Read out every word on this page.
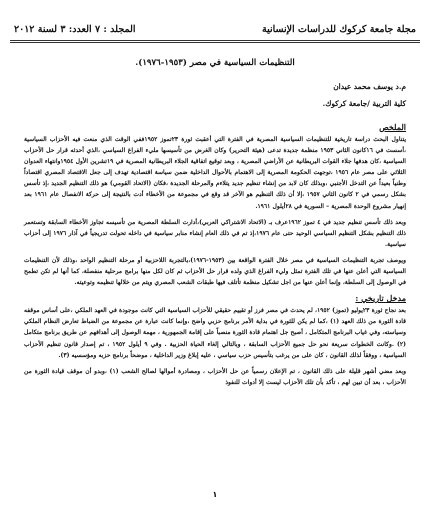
مجلة جامعة كركوك للدراسات الإنسانية
المجلد : ٧ العدد: ٣ لسنة ٢٠١٢
التنظيمات السياسية في مصر (١٩٥٣-١٩٧٦).
م.د يوسف محمد عيدان
كلية التربية /جامعة كركوك.
الملخص

يتناول البحث دراسة تاريخية للتنظيمات السياسية المصرية في الفترة التي أعقبت ثورة ٢٣تموز ١٩٥٢ففي الوقت الذي منعت فيه الأحزاب السياسية ،أسست في ١٦كانون الثاني ١٩٥٣ منظمة جديدة تدعى (هيئة التحرير) وكان الغرض من تأسيسها مليء الفراغ السياسي ،الذي أحدثه قرار حل الأحزاب السياسية ،كان هدفها جلاء القوات البريطانية عن الأراضي المصرية ، وبعد توقيع اتفاقية الجلاء البريطانية المصرية في ١٩تشرين الأول ١٩٥٤وانتهاء العدوان الثلاثي على مصر عام ١٩٥٦ ،توجهت الحكومة المصرية إلى الاهتمام بالأحوال الداخلية ضمن سياسة اقتصادية تهدف إلى جعل الاقتصاد المصري اقتصاداً وطنياً بعيداً عن التدخل الأجنبي ،وبذلك كان لابد من إنشاء تنظيم جديد يتلاءم والمرحلة الجديدة ،فكان (الاتحاد القومي) هو ذلك التنظيم الجديد ،إذ تأسس بشكل رسمي في ٢ كانون الثاني ١٩٥٧ ،إلا أن ذلك التنظيم هو الآخر قد وقع في مجموعة من الأخطاء أدت بالنتيجة إلى حركة الانفصال عام ١٩٦١ بعد إنهيار مشروع الوحدة المصرية – السورية في ٢٨أيلول ١٩٦١.

وبعد ذلك تأسس تنظيم جديد في ٤ تموز ١٩٦٢عرف بـ (الاتحاد الاشتراكي العربي)،أدارت السلطة المصرية من تأسيسه تجاوز الأخطاء السابقة وتستعمر ذلك التنظيم بشكل التنظيم السياسي الوحيد حتى عام ١٩٧٦،إذ تم في ذلك العام إنشاء منابر سياسية في داخله تحولت تدريجياً في آذار ١٩٧٦ إلى أحزاب سياسية.

ويوصف تجربة التنظيمات السياسية في مصر خلال الفترة الواقعة بين (١٩٥٣-١٩٧٦)،بالتجربة اللاحزبية أو مرحلة التنظيم الواحد ،وذلك لأن التنظيمات السياسية التي أعلن عنها في تلك الفترة تمثل وليء الفراغ الذي ولده قرار حل الأحزاب ثم كان لكل منها برامج مرحلية منفصلة، كما أنها لم تكن تطمح في الوصول إلى السلطة، وإنما أعلن عنها من اجل تشكيل منظمة تأتلف فيها طبقات الشعب المصري ويتم من خلالها تنظيمه وتوعيته.

مدخل تاريخي :

بعد نجاح ثورة ٢٣يوليو (تموز) ١٩٥٢، لم يحدث في مصر فرز أو تقييم حقيقي للأحزاب السياسية التي كانت موجودة في العهد الملكي ،على أساس موقفه قادة الثورة من ذلك العهد (١) ،كما لم يكن للثورة في بداية الأمر برنامج حزبي واضح ،وإنما كانت عبارة عن مجموعة من الضباط تعارض النظام الملكي وسياسته، وفي غياب البرنامج المتكامل ، أصبح جل اهتمام قادة الثورة منصباً على إقامة الجمهورية ، مهمة الوصول إلى أهدافهم عن طريق برنامج متكامل (٢) .وكانت الخطوات سريعة نحو حل جميع الأحزاب السابقة ، وبالتالي إلغاء الحياة الحزبية . وفي ٩ أيلول ١٩٥٢ ، تم إصدار قانون تنظيم الأحزاب السياسية ، ووفقاً لذلك القانون ، كان على من يرغب بتأسيس حزب سياسي ، عليه إبلاغ وزير الداخلية ، موضحاً برنامج حزبه ومؤسسيه (٣).

وبعد مضي أشهر قليلة على ذلك القانون ، تم الإعلان رسمياً عن حل الأحزاب ، ومصادرة أموالها لصالح الشعب (١) ،وبدو أن موقف قيادة الثورة من الأحزاب ، بعد أن تبين لهم ، تأكد بأن تلك الأحزاب ليست إلا أدوات للنفوذ

١
